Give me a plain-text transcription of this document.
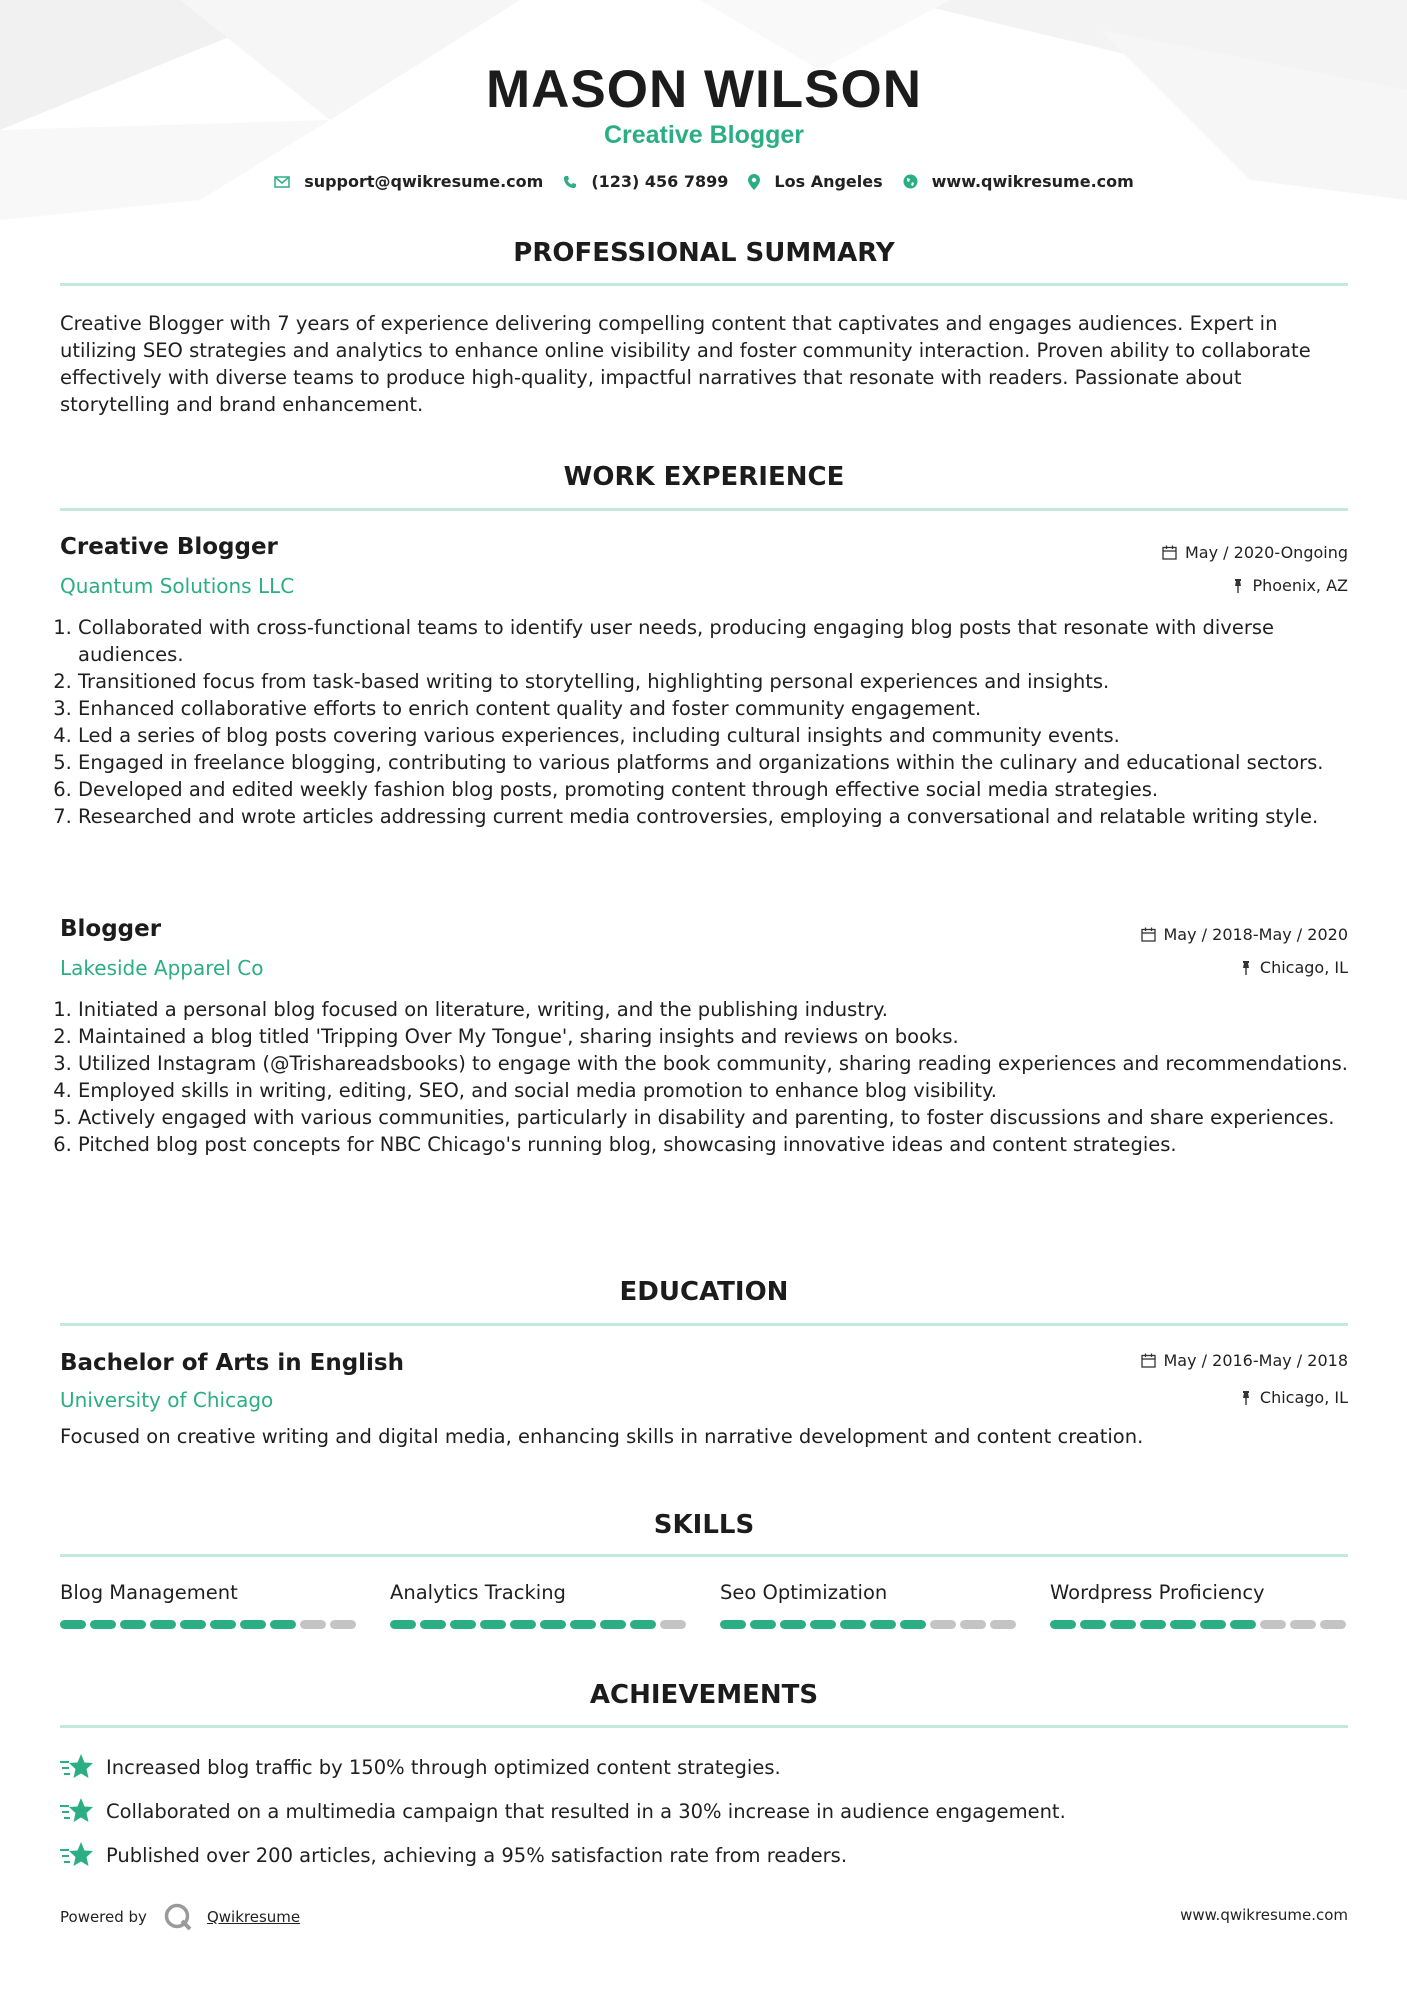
MASON WILSON
Creative Blogger
support@qwikresume.com	(123) 456 7899	Los Angeles	www.qwikresume.com
PROFESSIONAL SUMMARY
Creative Blogger with 7 years of experience delivering compelling content that captivates and engages audiences. Expert in utilizing SEO strategies and analytics to enhance online visibility and foster community interaction. Proven ability to collaborate effectively with diverse teams to produce high-quality, impactful narratives that resonate with readers. Passionate about storytelling and brand enhancement.
WORK EXPERIENCE
Creative Blogger	May / 2020-Ongoing
Quantum Solutions LLC	Phoenix, AZ
1. Collaborated with cross-functional teams to identify user needs, producing engaging blog posts that resonate with diverse audiences.
2. Transitioned focus from task-based writing to storytelling, highlighting personal experiences and insights.
3. Enhanced collaborative efforts to enrich content quality and foster community engagement.
4. Led a series of blog posts covering various experiences, including cultural insights and community events.
5. Engaged in freelance blogging, contributing to various platforms and organizations within the culinary and educational sectors.
6. Developed and edited weekly fashion blog posts, promoting content through effective social media strategies.
7. Researched and wrote articles addressing current media controversies, employing a conversational and relatable writing style.
Blogger	May / 2018-May / 2020
Lakeside Apparel Co	Chicago, IL
1. Initiated a personal blog focused on literature, writing, and the publishing industry.
2. Maintained a blog titled 'Tripping Over My Tongue', sharing insights and reviews on books.
3. Utilized Instagram (@Trishareadsbooks) to engage with the book community, sharing reading experiences and recommendations.
4. Employed skills in writing, editing, SEO, and social media promotion to enhance blog visibility.
5. Actively engaged with various communities, particularly in disability and parenting, to foster discussions and share experiences.
6. Pitched blog post concepts for NBC Chicago's running blog, showcasing innovative ideas and content strategies.
EDUCATION
Bachelor of Arts in English	May / 2016-May / 2018
University of Chicago	Chicago, IL
Focused on creative writing and digital media, enhancing skills in narrative development and content creation.
SKILLS
Blog Management	Analytics Tracking	Seo Optimization	Wordpress Proficiency
ACHIEVEMENTS
Increased blog traffic by 150% through optimized content strategies.
Collaborated on a multimedia campaign that resulted in a 30% increase in audience engagement.
Published over 200 articles, achieving a 95% satisfaction rate from readers.
Powered by	Qwikresume	www.qwikresume.com
